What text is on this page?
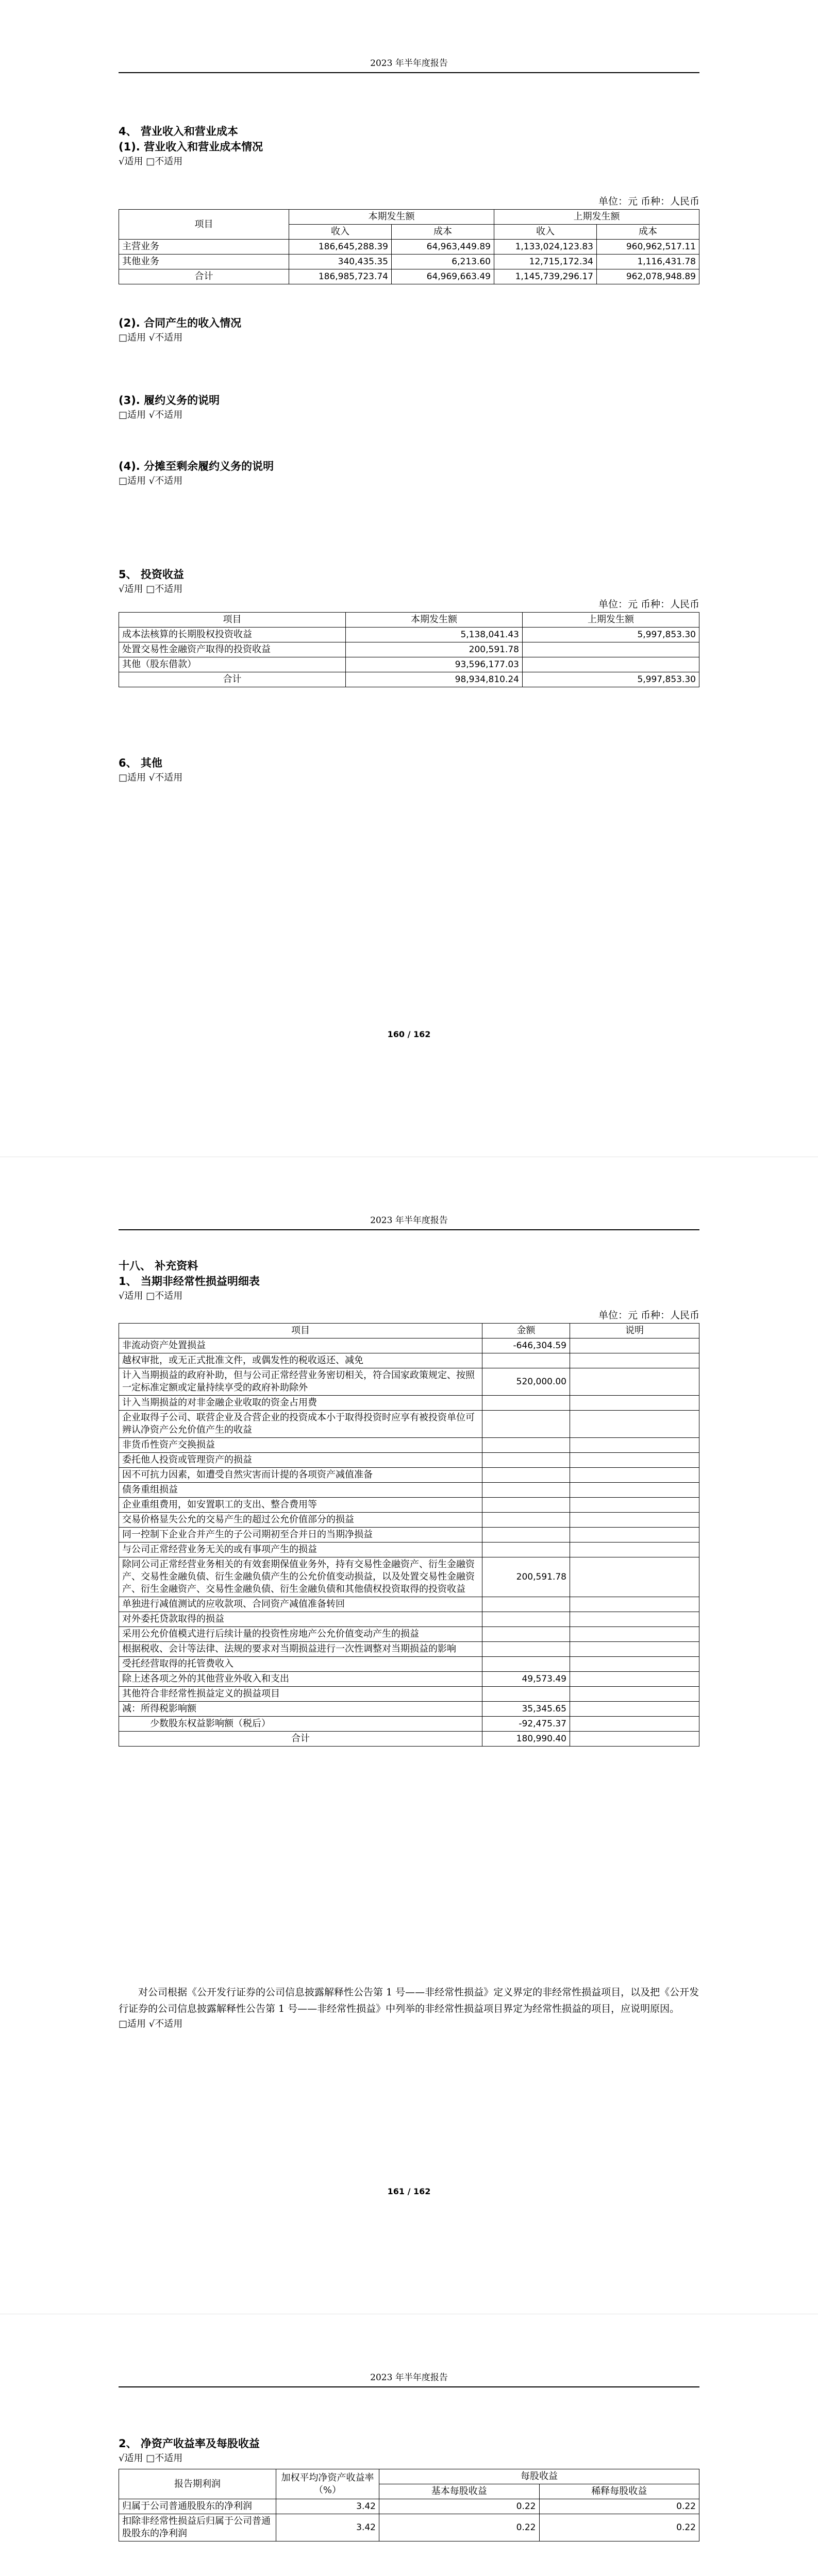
2023 年半年度报告
4、 营业收入和营业成本
(1). 营业收入和营业成本情况
√适用 □不适用
单位：元 币种：人民币
项目	本期发生额		上期发生额	
	收入	成本	收入	成本
主营业务	186,645,288.39	64,963,449.89	1,133,024,123.83	960,962,517.11
其他业务	340,435.35	6,213.60	12,715,172.34	1,116,431.78
合计	186,985,723.74	64,969,663.49	1,145,739,296.17	962,078,948.89
(2). 合同产生的收入情况
□适用 √不适用
(3). 履约义务的说明
□适用 √不适用
(4). 分摊至剩余履约义务的说明
□适用 √不适用
5、 投资收益
√适用 □不适用
单位：元 币种：人民币
项目	本期发生额	上期发生额
成本法核算的长期股权投资收益	5,138,041.43	5,997,853.30
处置交易性金融资产取得的投资收益	200,591.78	
其他（股东借款）	93,596,177.03	
合计	98,934,810.24	5,997,853.30
6、 其他
□适用 √不适用
160 / 162
2023 年半年度报告
十八、 补充资料
1、 当期非经常性损益明细表
√适用 □不适用
单位：元 币种：人民币
项目	金额	说明
非流动资产处置损益	-646,304.59	
越权审批，或无正式批准文件，或偶发性的税收返还、减免		
计入当期损益的政府补助，但与公司正常经营业务密切相关，符合国家政策规定、按照一定标准定额或定量持续享受的政府补助除外	520,000.00	
计入当期损益的对非金融企业收取的资金占用费		
企业取得子公司、联营企业及合营企业的投资成本小于取得投资时应享有被投资单位可辨认净资产公允价值产生的收益		
非货币性资产交换损益		
委托他人投资或管理资产的损益		
因不可抗力因素，如遭受自然灾害而计提的各项资产减值准备		
债务重组损益		
企业重组费用，如安置职工的支出、整合费用等		
交易价格显失公允的交易产生的超过公允价值部分的损益		
同一控制下企业合并产生的子公司期初至合并日的当期净损益		
与公司正常经营业务无关的或有事项产生的损益		
除同公司正常经营业务相关的有效套期保值业务外，持有交易性金融资产、衍生金融资产、交易性金融负债、衍生金融负债产生的公允价值变动损益，以及处置交易性金融资产、衍生金融资产、交易性金融负债、衍生金融负债和其他债权投资取得的投资收益	200,591.78	
单独进行减值测试的应收款项、合同资产减值准备转回		
对外委托贷款取得的损益		
采用公允价值模式进行后续计量的投资性房地产公允价值变动产生的损益		
根据税收、会计等法律、法规的要求对当期损益进行一次性调整对当期损益的影响		
受托经营取得的托管费收入		
除上述各项之外的其他营业外收入和支出	49,573.49	
其他符合非经常性损益定义的损益项目		
减：所得税影响额	35,345.65	
少数股东权益影响额（税后）	-92,475.37	
合计	180,990.40	
对公司根据《公开发行证券的公司信息披露解释性公告第 1 号——非经常性损益》定义界定的非经常性损益项目，以及把《公开发行证券的公司信息披露解释性公告第 1 号——非经常性损益》中列举的非经常性损益项目界定为经常性损益的项目，应说明原因。
□适用 √不适用
161 / 162
2023 年半年度报告
2、 净资产收益率及每股收益
√适用 □不适用
报告期利润	加权平均净资产收益率（%）	每股收益	
		基本每股收益	稀释每股收益
归属于公司普通股股东的净利润	3.42	0.22	0.22
扣除非经常性损益后归属于公司普通股股东的净利润	3.42	0.22	0.22
